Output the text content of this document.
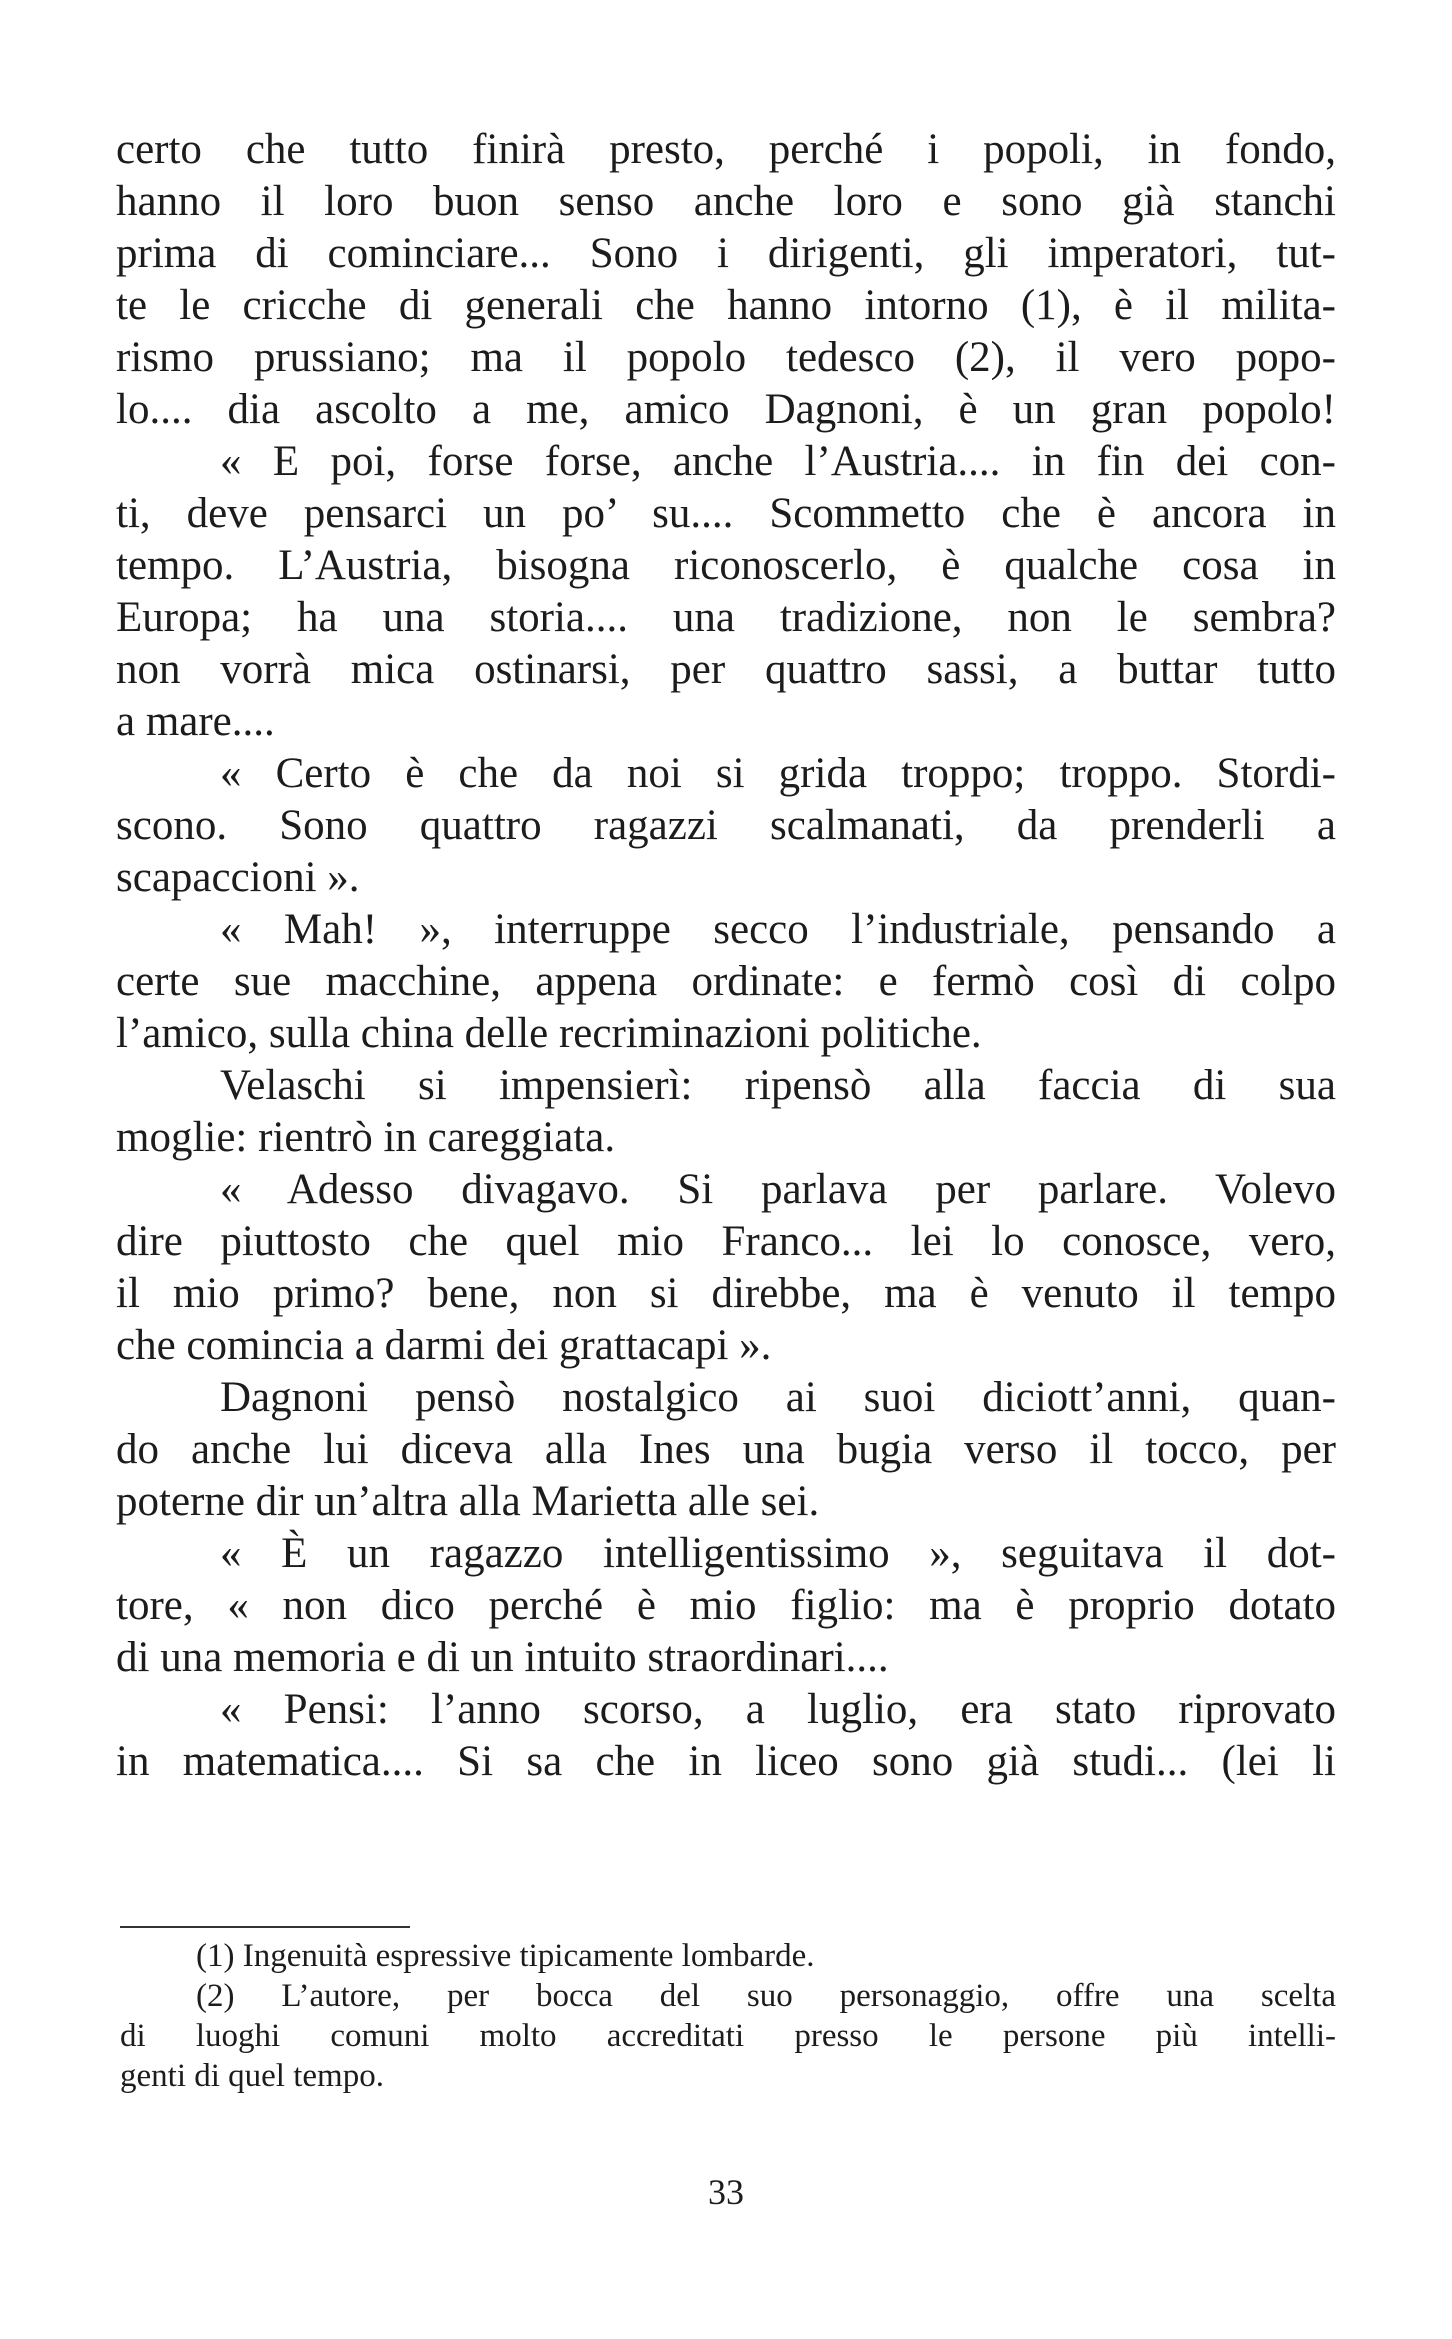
certo che tutto finirà presto, perché i popoli, in fondo,

hanno il loro buon senso anche loro e sono già stanchi

prima di cominciare... Sono i dirigenti, gli imperatori, tut-

te le cricche di generali che hanno intorno (1), è il milita-

rismo prussiano; ma il popolo tedesco (2), il vero popo-

lo.... dia ascolto a me, amico Dagnoni, è un gran popolo!

« E poi, forse forse, anche l’Austria.... in fin dei con-

ti, deve pensarci un po’ su.... Scommetto che è ancora in

tempo. L’Austria, bisogna riconoscerlo, è qualche cosa in

Europa; ha una storia.... una tradizione, non le sembra?

non vorrà mica ostinarsi, per quattro sassi, a buttar tutto

a mare....

« Certo è che da noi si grida troppo; troppo. Stordi-

scono. Sono quattro ragazzi scalmanati, da prenderli a

scapaccioni ».

« Mah! », interruppe secco l’industriale, pensando a

certe sue macchine, appena ordinate: e fermò così di colpo

l’amico, sulla china delle recriminazioni politiche.

Velaschi si impensierì: ripensò alla faccia di sua

moglie: rientrò in careggiata.

« Adesso divagavo. Si parlava per parlare. Volevo

dire piuttosto che quel mio Franco... lei lo conosce, vero,

il mio primo? bene, non si direbbe, ma è venuto il tempo

che comincia a darmi dei grattacapi ».

Dagnoni pensò nostalgico ai suoi diciott’anni, quan-

do anche lui diceva alla Ines una bugia verso il tocco, per

poterne dir un’altra alla Marietta alle sei.

« È un ragazzo intelligentissimo », seguitava il dot-

tore, « non dico perché è mio figlio: ma è proprio dotato

di una memoria e di un intuito straordinari....

« Pensi: l’anno scorso, a luglio, era stato riprovato

in matematica.... Si sa che in liceo sono già studi... (lei li

(1) Ingenuità espressive tipicamente lombarde.

(2) L’autore, per bocca del suo personaggio, offre una scelta

di luoghi comuni molto accreditati presso le persone più intelli-

genti di quel tempo.

33
